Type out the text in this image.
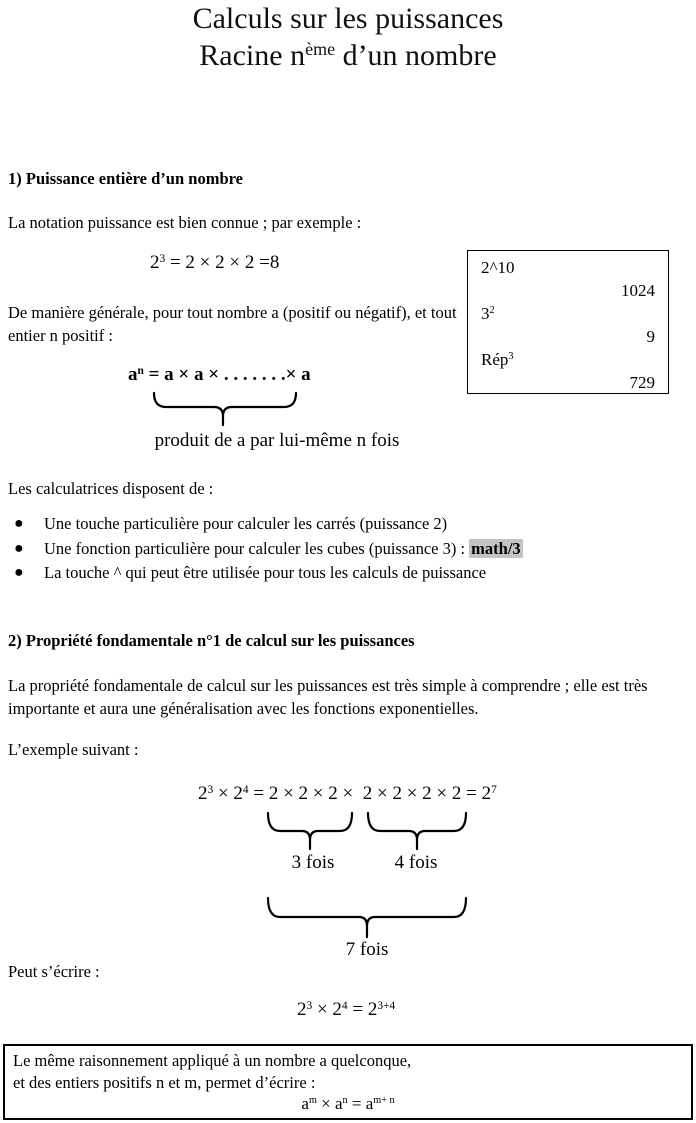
Calculs sur les puissances
Racine nème d’un nombre
1) Puissance entière d’un nombre
La notation puissance est bien connue ; par exemple :
23 = 2 × 2 × 2 =8	2^10
1024
32
9
Rép3
729
De manière générale, pour tout nombre a (positif ou négatif), et tout entier n positif :
an = a × a × . . . . . . .× a
produit de a par lui-même n fois
Les calculatrices disposent de :
● Une touche particulière pour calculer les carrés (puissance 2)
● Une fonction particulière pour calculer les cubes (puissance 3) : math/3
● La touche ^ qui peut être utilisée pour tous les calculs de puissance
2) Propriété fondamentale n°1 de calcul sur les puissances
La propriété fondamentale de calcul sur les puissances est très simple à comprendre ; elle est très importante et aura une généralisation avec les fonctions exponentielles.
L’exemple suivant :
23 × 24 = 2 × 2 × 2 ×  2 × 2 × 2 × 2 = 27
3 fois	4 fois
7 fois
Peut s’écrire :
23 × 24 = 23+4
Le même raisonnement appliqué à un nombre a quelconque,
et des entiers positifs n et m, permet d’écrire :
am × an = am+ n
